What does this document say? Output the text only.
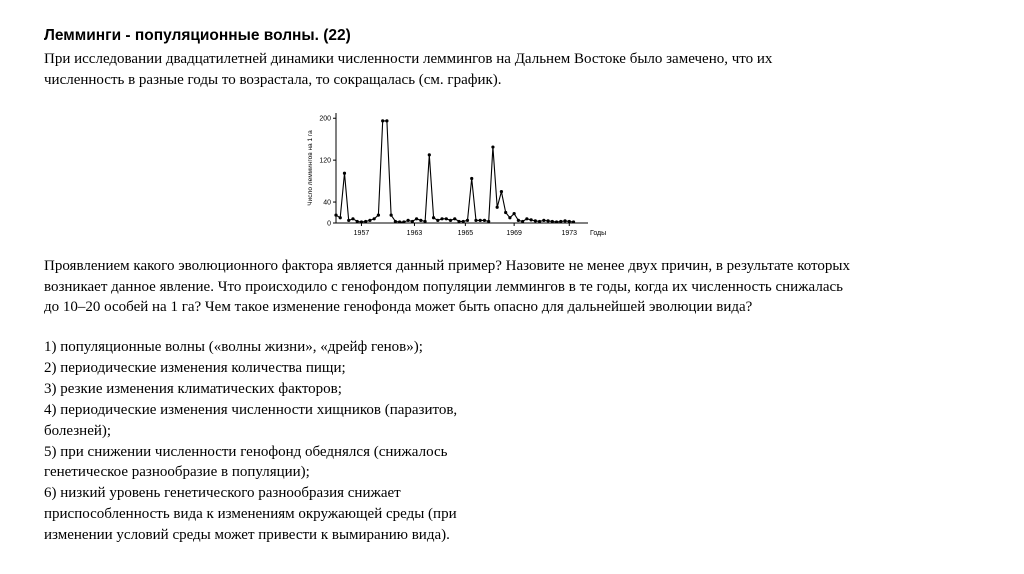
Лемминги - популяционные волны. (22)

При исследовании двадцатилетней динамики численности леммингов на Дальнем Востоке было замечено, что их
численность в разные годы то возрастала, то сокращалась (см. график).

0
40
120
200
1957	1963	1965	1969	1973 Годы
Число леммингов на 1 га

Проявлением какого эволюционного фактора является данный пример? Назовите не менее двух причин, в результате которых
возникает данное явление. Что происходило с генофондом популяции леммингов в те годы, когда их численность снижалась
до 10–20 особей на 1 га? Чем такое изменение генофонда может быть опасно для дальнейшей эволюции вида?

1) популяционные волны («волны жизни», «дрейф генов»);
2) периодические изменения количества пищи;
3) резкие изменения климатических факторов;
4) периодические изменения численности хищников (паразитов,
болезней);
5) при снижении численности генофонд обеднялся (снижалось
генетическое разнообразие в популяции);
6) низкий уровень генетического разнообразия снижает
приспособленность вида к изменениям окружающей среды (при
изменении условий среды может привести к вымиранию вида).
